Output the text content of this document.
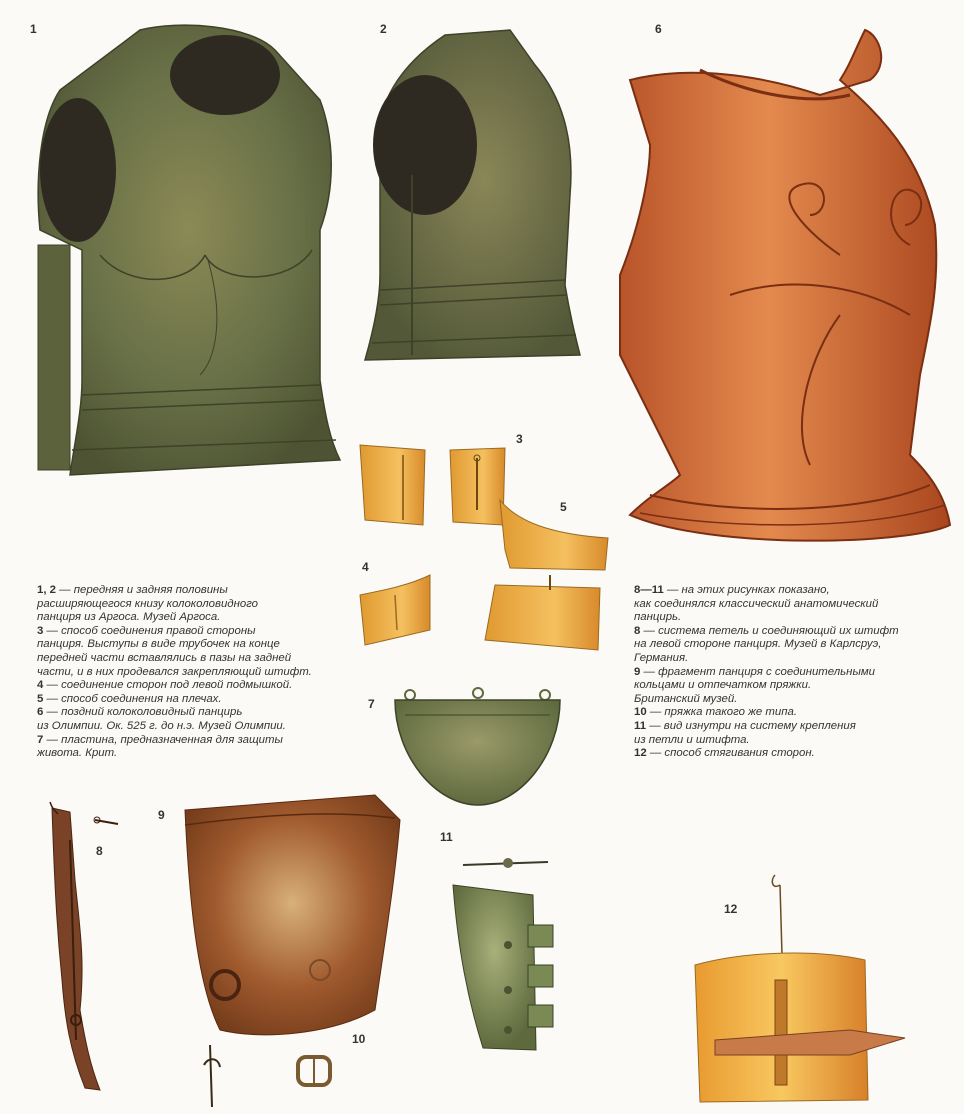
1	2	6
3
5
4
7
8
9
10
11
12

1, 2 — передняя и задняя половины

расширяющегося книзу колоколовидного

панциря из Аргоса. Музей Аргоса.

3 — способ соединения правой стороны

панциря. Выступы в виде трубочек на конце

передней части вставлялись в пазы на задней

части, и в них продевался закрепляющий штифт.

4 — соединение сторон под левой подмышкой.

5 — способ соединения на плечах.

6 — поздний колоколовидный панцирь

из Олимпии. Ок. 525 г. до н.э. Музей Олимпии.

7 — пластина, предназначенная для защиты

живота. Крит.

8—11 — на этих рисунках показано,

как соединялся классический анатомический

панцирь.

8 — система петель и соединяющий их штифт

на левой стороне панциря. Музей в Карлсруэ,

Германия.

9 — фрагмент панциря с соединительными

кольцами и отпечатком пряжки.

Британский музей.

10 — пряжка такого же типа.

11 — вид изнутри на систему крепления

из петли и штифта.

12 — способ стягивания сторон.
